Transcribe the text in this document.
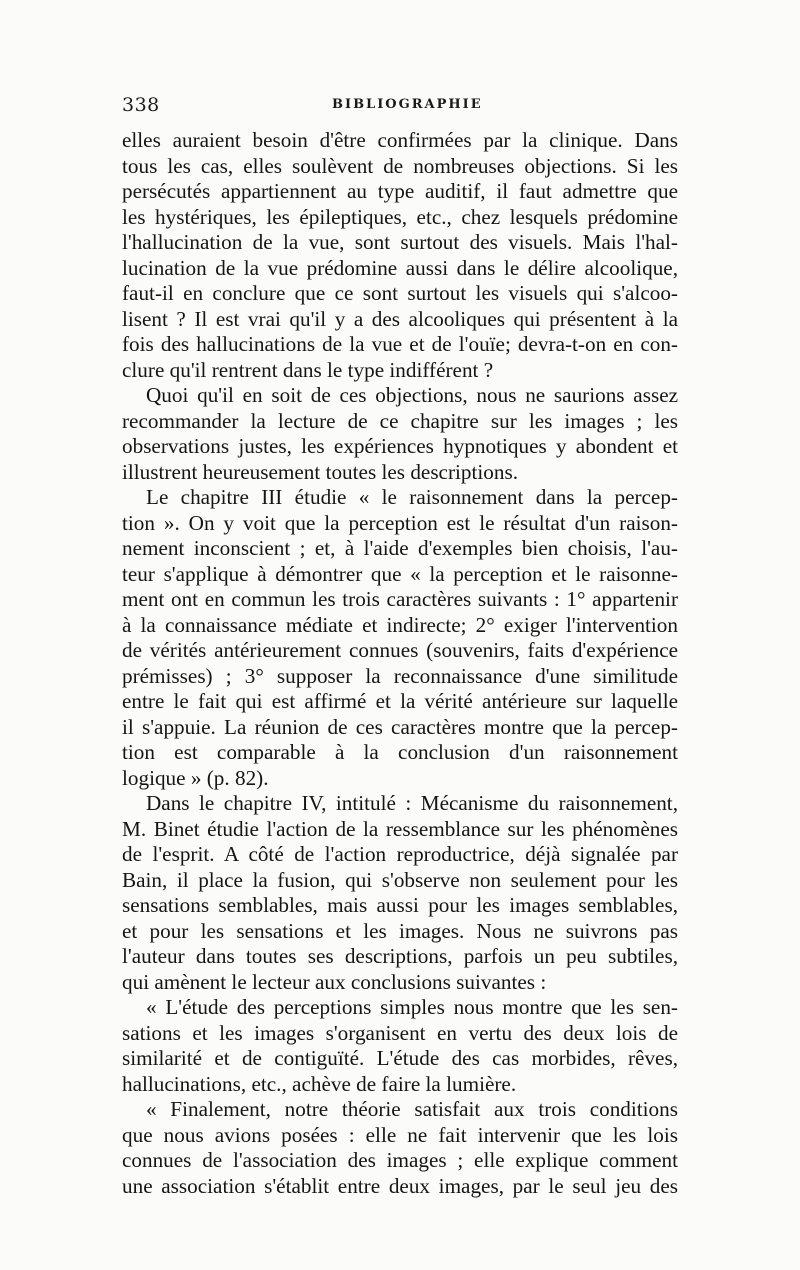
338	BIBLIOGRAPHIE
elles auraient besoin d'être confirmées par la clinique. Dans
tous les cas, elles soulèvent de nombreuses objections. Si les
persécutés appartiennent au type auditif, il faut admettre que
les hystériques, les épileptiques, etc., chez lesquels prédomine
l'hallucination de la vue, sont surtout des visuels. Mais l'hal-
lucination de la vue prédomine aussi dans le délire alcoolique,
faut-il en conclure que ce sont surtout les visuels qui s'alcoo-
lisent ? Il est vrai qu'il y a des alcooliques qui présentent à la
fois des hallucinations de la vue et de l'ouïe; devra-t-on en con-
clure qu'il rentrent dans le type indifférent ?
Quoi qu'il en soit de ces objections, nous ne saurions assez
recommander la lecture de ce chapitre sur les images ; les
observations justes, les expériences hypnotiques y abondent et
illustrent heureusement toutes les descriptions.
Le chapitre III étudie « le raisonnement dans la percep-
tion ». On y voit que la perception est le résultat d'un raison-
nement inconscient ; et, à l'aide d'exemples bien choisis, l'au-
teur s'applique à démontrer que « la perception et le raisonne-
ment ont en commun les trois caractères suivants : 1° appartenir
à la connaissance médiate et indirecte; 2° exiger l'intervention
de vérités antérieurement connues (souvenirs, faits d'expérience
prémisses) ; 3° supposer la reconnaissance d'une similitude
entre le fait qui est affirmé et la vérité antérieure sur laquelle
il s'appuie. La réunion de ces caractères montre que la percep-
tion est comparable à la conclusion d'un raisonnement
logique » (p. 82).
Dans le chapitre IV, intitulé : Mécanisme du raisonnement,
M. Binet étudie l'action de la ressemblance sur les phénomènes
de l'esprit. A côté de l'action reproductrice, déjà signalée par
Bain, il place la fusion, qui s'observe non seulement pour les
sensations semblables, mais aussi pour les images semblables,
et pour les sensations et les images. Nous ne suivrons pas
l'auteur dans toutes ses descriptions, parfois un peu subtiles,
qui amènent le lecteur aux conclusions suivantes :
« L'étude des perceptions simples nous montre que les sen-
sations et les images s'organisent en vertu des deux lois de
similarité et de contiguïté. L'étude des cas morbides, rêves,
hallucinations, etc., achève de faire la lumière.
« Finalement, notre théorie satisfait aux trois conditions
que nous avions posées : elle ne fait intervenir que les lois
connues de l'association des images ; elle explique comment
une association s'établit entre deux images, par le seul jeu des
